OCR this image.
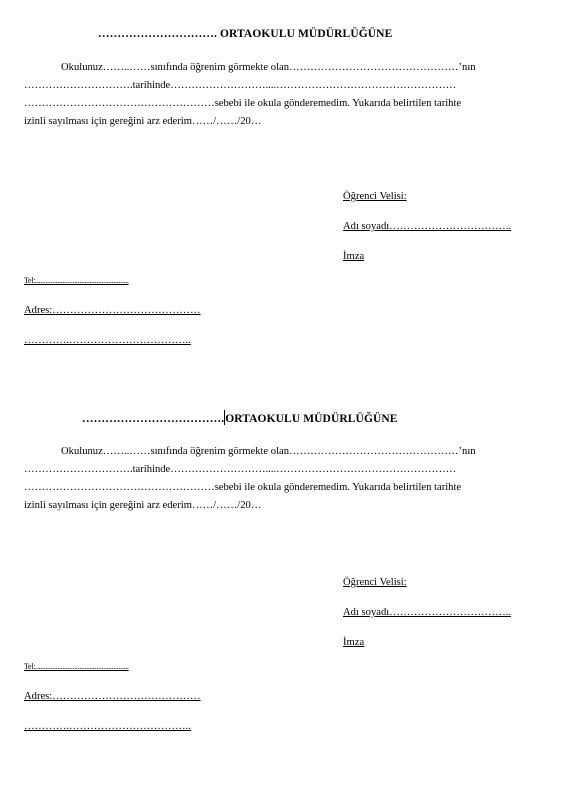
…………………………. ORTAOKULU MÜDÜRLÜĞÜNE
Okulunuz……..……sınıfında öğrenim görmekte olan…………………………………………’nın
………………………….tarihinde………………………....……………………………………………
………………………………………………sebebi ile okula gönderemedim. Yukarıda belirtilen tarihte
izinli sayılması için gereğini arz ederim……/……/20…
Öğrenci Velisi:
Adı soyadı……………………………..
İmza
Tel:.......................................................
Adres:……………………………………
………….……………………………..
……………………………….ORTAOKULU MÜDÜRLÜĞÜNE
Okulunuz……..……sınıfında öğrenim görmekte olan…………………………………………’nın
………………………….tarihinde………………………....……………………………………………
………………………………………………sebebi ile okula gönderemedim. Yukarıda belirtilen tarihte
izinli sayılması için gereğini arz ederim……/……/20…
Öğrenci Velisi:
Adı soyadı……………………………..
İmza
Tel:.......................................................
Adres:……………………………………
………….……………………………..
